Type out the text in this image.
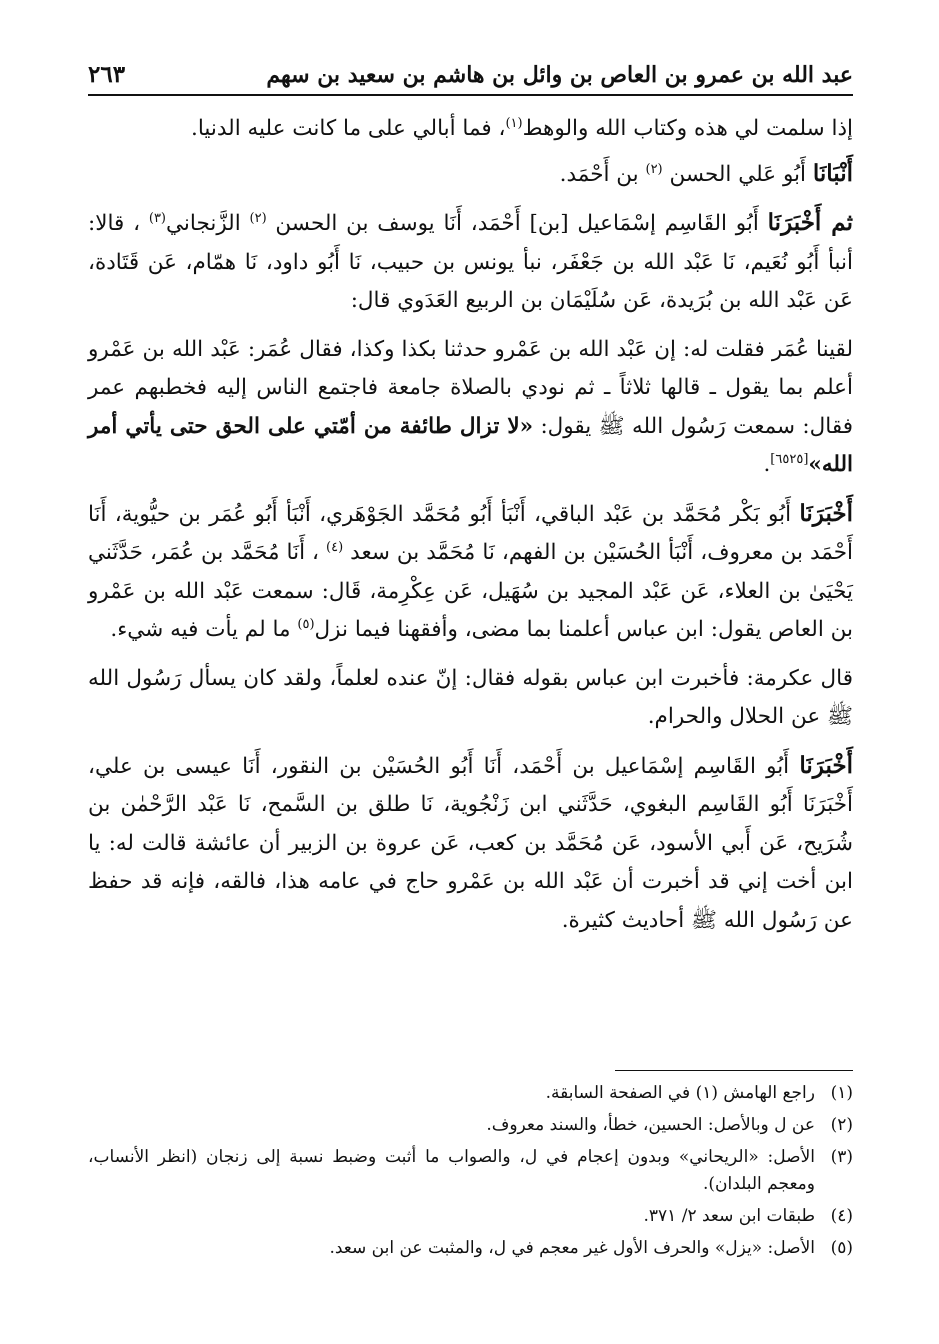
عبد الله بن عمرو بن العاص بن وائل بن هاشم بن سعيد بن سهم
٢٦٣

إذا سلمت لي هذه وكتاب الله والوهط$^{(١)}$، فما أبالي على ما كانت عليه الدنيا.

أَنْبَانَا أَبُو عَلي الحسن $^{(٢)}$ بن أَحْمَد.

ثم أَخْبَرَنَا أَبُو القَاسِم إسْمَاعيل [بن] أَحْمَد، أَنَا يوسف بن الحسن $^{(٢)}$ الزَّنجاني$^{(٣)}$ ، قالا: أنبأ أَبُو نُعَيم، نَا عَبْد الله بن جَعْفَر، نبأ يونس بن حبيب، نَا أَبُو داود، نَا همّام، عَن قَتَادة، عَن عَبْد الله بن بُرَيدة، عَن سُلَيْمَان بن الربيع العَدَوي قال:

لقينا عُمَر فقلت له: إن عَبْد الله بن عَمْرو حدثنا بكذا وكذا، فقال عُمَر: عَبْد الله بن عَمْرو أعلم بما يقول ـ قالها ثلاثاً ـ ثم نودي بالصلاة جامعة فاجتمع الناس إليه فخطبهم عمر فقال: سمعت رَسُول الله ﷺ يقول: «لا تزال طائفة من أمّتي على الحق حتى يأتي أمر الله»[٦٥٢٥].

أَخْبَرَنَا أَبُو بَكْر مُحَمَّد بن عَبْد الباقي، أَنْبَأ أَبُو مُحَمَّد الجَوْهَري، أَنْبَأ أَبُو عُمَر بن حيُّوية، أَنَا أَحْمَد بن معروف، أَنْبَأ الحُسَيْن بن الفهم، نَا مُحَمَّد بن سعد $^{(٤)}$ ، أَنَا مُحَمَّد بن عُمَر، حَدَّثَني يَحْيَىٰ بن العلاء، عَن عَبْد المجيد بن سُهَيل، عَن عِكْرِمة، قَال: سمعت عَبْد الله بن عَمْرو بن العاص يقول: ابن عباس أعلمنا بما مضى، وأفقهنا فيما نزل$^{(٥)}$ ما لم يأت فيه شيء.

قال عكرمة: فأخبرت ابن عباس بقوله فقال: إنّ عنده لعلماً، ولقد كان يسأل رَسُول الله ﷺ عن الحلال والحرام.

أَخْبَرَنَا أَبُو القَاسِم إسْمَاعيل بن أَحْمَد، أَنَا أَبُو الحُسَيْن بن النقور، أَنَا عيسى بن علي، أَخْبَرَنَا أَبُو القَاسِم البغوي، حَدَّثَني ابن زَنْجُوية، نَا طلق بن السَّمح، نَا عَبْد الرَّحْمٰن بن شُرَيح، عَن أَبي الأسود، عَن مُحَمَّد بن كعب، عَن عروة بن الزبير أن عائشة قالت له: يا ابن أخت إني قد أخبرت أن عَبْد الله بن عَمْرو حاج في عامه هذا، فالقه، فإنه قد حفظ عن رَسُول الله ﷺ أحاديث كثيرة.

(١)
راجع الهامش (١) في الصفحة السابقة.
(٢)
عن ل وبالأصل: الحسين، خطأ، والسند معروف.
(٣)
الأصل: «الريحاني» وبدون إعجام في ل، والصواب ما أثبت وضبط نسبة إلى زنجان (انظر الأنساب، ومعجم البلدان).
(٤)
طبقات ابن سعد ٢/ ٣٧١.
(٥)
الأصل: «يزل» والحرف الأول غير معجم في ل، والمثبت عن ابن سعد.
